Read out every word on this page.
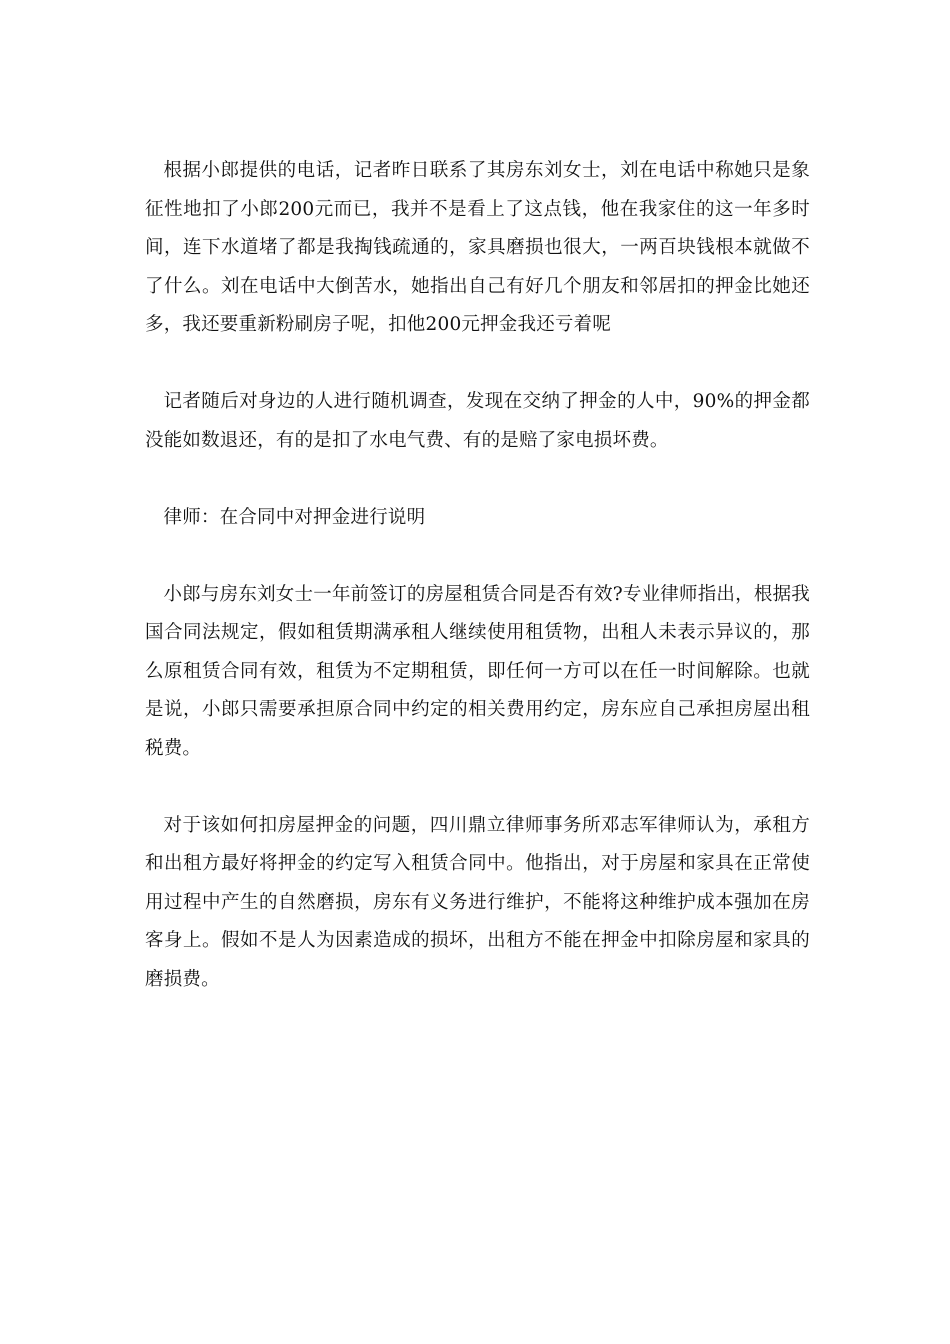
根据小郎提供的电话，记者昨日联系了其房东刘女士，刘在电话中称她只是象征性地扣了小郎200元而已，我并不是看上了这点钱，他在我家住的这一年多时间，连下水道堵了都是我掏钱疏通的，家具磨损也很大，一两百块钱根本就做不了什么。刘在电话中大倒苦水，她指出自己有好几个朋友和邻居扣的押金比她还多，我还要重新粉刷房子呢，扣他200元押金我还亏着呢

记者随后对身边的人进行随机调查，发现在交纳了押金的人中，90%的押金都没能如数退还，有的是扣了水电气费、有的是赔了家电损坏费。

律师：在合同中对押金进行说明

小郎与房东刘女士一年前签订的房屋租赁合同是否有效?专业律师指出，根据我国合同法规定，假如租赁期满承租人继续使用租赁物，出租人未表示异议的，那么原租赁合同有效，租赁为不定期租赁，即任何一方可以在任一时间解除。也就是说，小郎只需要承担原合同中约定的相关费用约定，房东应自己承担房屋出租税费。

对于该如何扣房屋押金的问题，四川鼎立律师事务所邓志军律师认为，承租方和出租方最好将押金的约定写入租赁合同中。他指出，对于房屋和家具在正常使用过程中产生的自然磨损，房东有义务进行维护，不能将这种维护成本强加在房客身上。假如不是人为因素造成的损坏，出租方不能在押金中扣除房屋和家具的磨损费。
